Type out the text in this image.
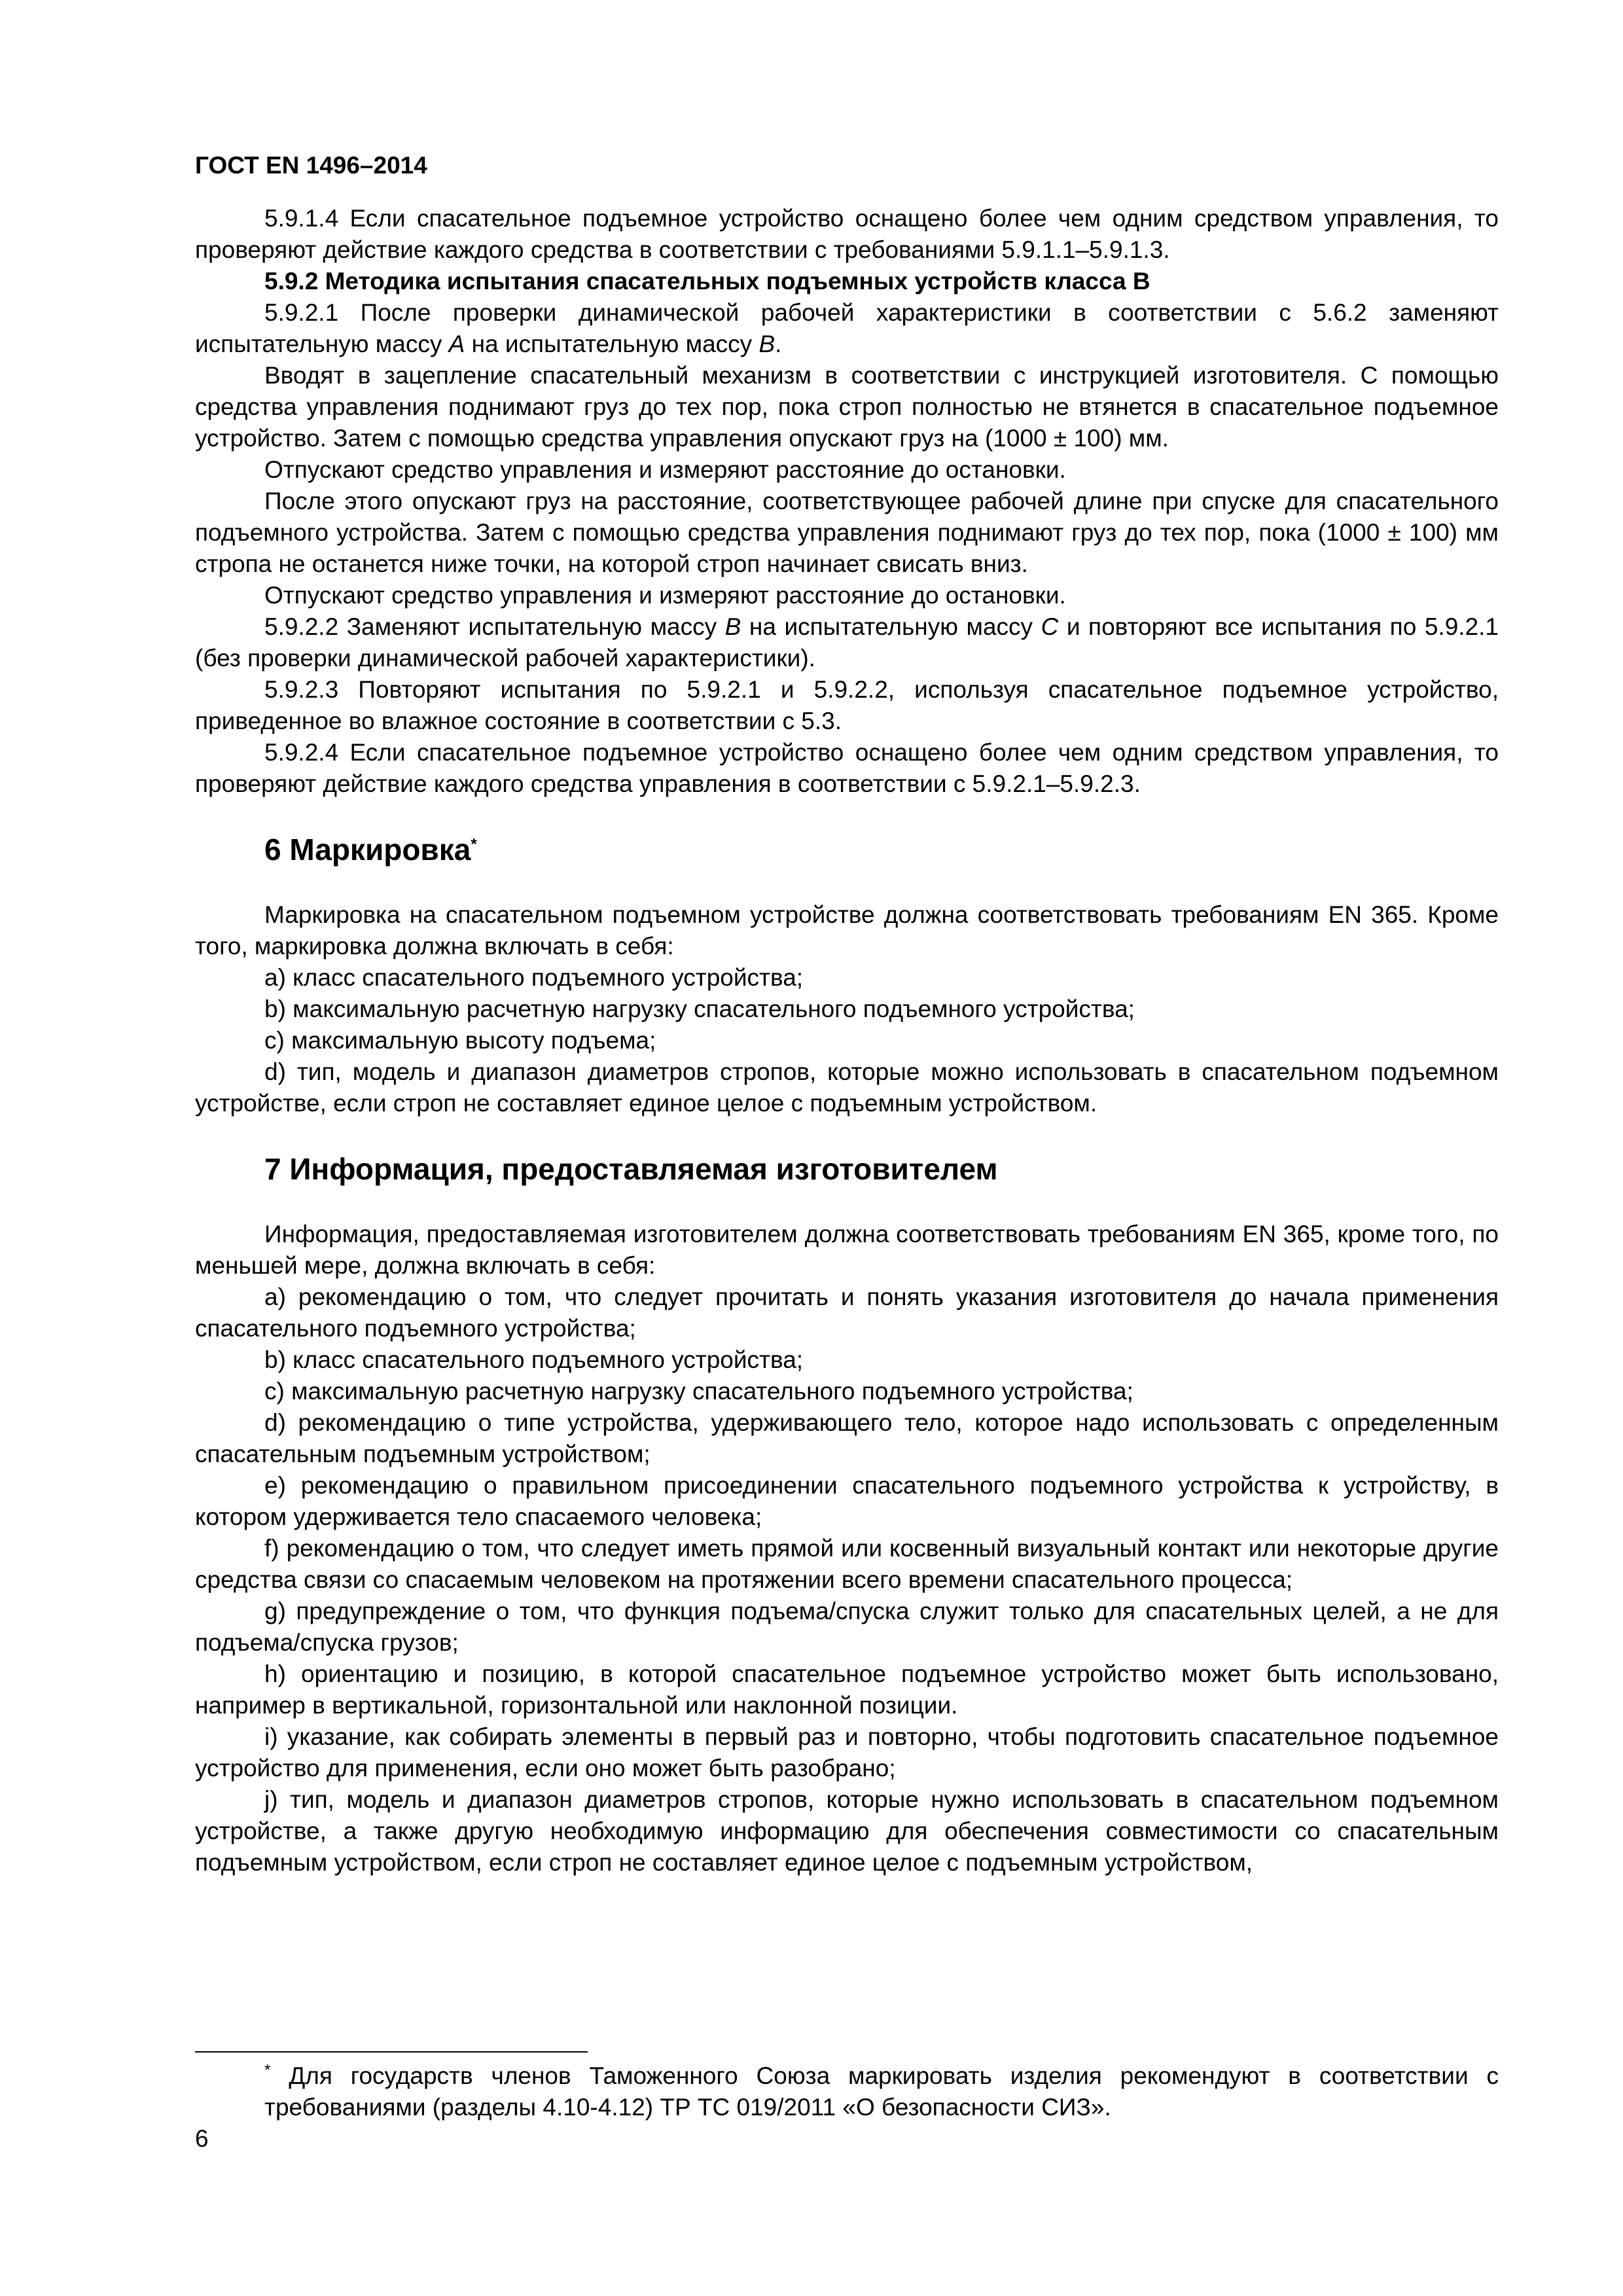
ГОСТ EN 1496–2014

5.9.1.4 Если спасательное подъемное устройство оснащено более чем одним средством управления, то проверяют действие каждого средства в соответствии с требованиями 5.9.1.1–5.9.1.3.

5.9.2 Методика испытания спасательных подъемных устройств класса В

5.9.2.1 После проверки динамической рабочей характеристики в соответствии с 5.6.2 заменяют испытательную массу А на испытательную массу В.

Вводят в зацепление спасательный механизм в соответствии с инструкцией изготовителя. С помощью средства управления поднимают груз до тех пор, пока строп полностью не втянется в спасательное подъемное устройство. Затем с помощью средства управления опускают груз на (1000 ± 100) мм.

Отпускают средство управления и измеряют расстояние до остановки.

После этого опускают груз на расстояние, соответствующее рабочей длине при спуске для спасательного подъемного устройства. Затем с помощью средства управления поднимают груз до тех пор, пока (1000 ± 100) мм стропа не останется ниже точки, на которой строп начинает свисать вниз.

Отпускают средство управления и измеряют расстояние до остановки.

5.9.2.2 Заменяют испытательную массу В на испытательную массу С и повторяют все испытания по 5.9.2.1 (без проверки динамической рабочей характеристики).

5.9.2.3 Повторяют испытания по 5.9.2.1 и 5.9.2.2, используя спасательное подъемное устройство, приведенное во влажное состояние в соответствии с 5.3.

5.9.2.4 Если спасательное подъемное устройство оснащено более чем одним средством управления, то проверяют действие каждого средства управления в соответствии с 5.9.2.1–5.9.2.3.

6 Маркировка*

Маркировка на спасательном подъемном устройстве должна соответствовать требованиям EN 365. Кроме того, маркировка должна включать в себя:

a) класс спасательного подъемного устройства;

b) максимальную расчетную нагрузку спасательного подъемного устройства;

c) максимальную высоту подъема;

d) тип, модель и диапазон диаметров стропов, которые можно использовать в спасательном подъемном устройстве, если строп не составляет единое целое с подъемным устройством.

7 Информация, предоставляемая изготовителем

Информация, предоставляемая изготовителем должна соответствовать требованиям EN 365, кроме того, по меньшей мере, должна включать в себя:

a) рекомендацию о том, что следует прочитать и понять указания изготовителя до начала применения спасательного подъемного устройства;

b) класс спасательного подъемного устройства;

c) максимальную расчетную нагрузку спасательного подъемного устройства;

d) рекомендацию о типе устройства, удерживающего тело, которое надо использовать с определенным спасательным подъемным устройством;

e) рекомендацию о правильном присоединении спасательного подъемного устройства к устройству, в котором удерживается тело спасаемого человека;

f) рекомендацию о том, что следует иметь прямой или косвенный визуальный контакт или некоторые другие средства связи со спасаемым человеком на протяжении всего времени спасательного процесса;

g) предупреждение о том, что функция подъема/спуска служит только для спасательных целей, а не для подъема/спуска грузов;

h) ориентацию и позицию, в которой спасательное подъемное устройство может быть использовано, например в вертикальной, горизонтальной или наклонной позиции.

i) указание, как собирать элементы в первый раз и повторно, чтобы подготовить спасательное подъемное устройство для применения, если оно может быть разобрано;

j) тип, модель и диапазон диаметров стропов, которые нужно использовать в спасательном подъемном устройстве, а также другую необходимую информацию для обеспечения совместимости со спасательным подъемным устройством, если строп не составляет единое целое с подъемным устройством,

* Для государств членов Таможенного Союза маркировать изделия рекомендуют в соответствии с требованиями (разделы 4.10-4.12) ТР ТС 019/2011 «О безопасности СИЗ».
6
